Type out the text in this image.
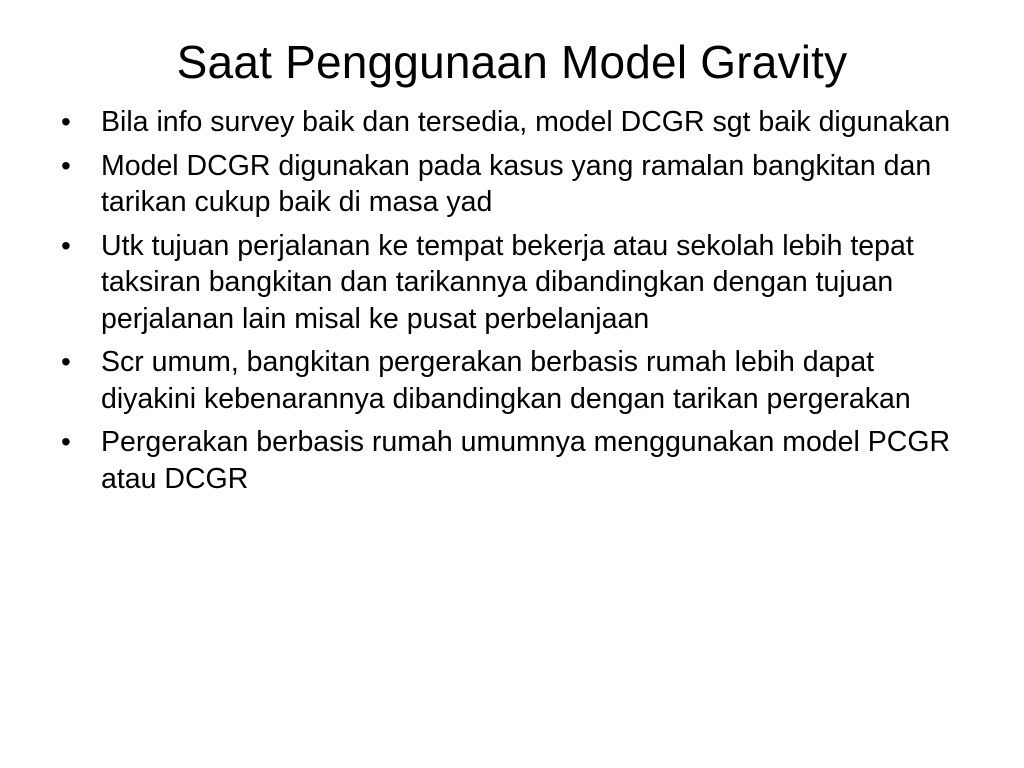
Saat Penggunaan Model Gravity
• Bila info survey baik dan tersedia, model DCGR sgt baik digunakan
• Model DCGR digunakan pada kasus yang ramalan bangkitan dan tarikan cukup baik di masa yad
• Utk tujuan perjalanan ke tempat bekerja atau sekolah lebih tepat taksiran bangkitan dan tarikannya dibandingkan dengan tujuan perjalanan lain misal ke pusat perbelanjaan
• Scr umum, bangkitan pergerakan berbasis rumah lebih dapat diyakini kebenarannya dibandingkan dengan tarikan pergerakan
• Pergerakan berbasis rumah umumnya menggunakan model PCGR atau DCGR
